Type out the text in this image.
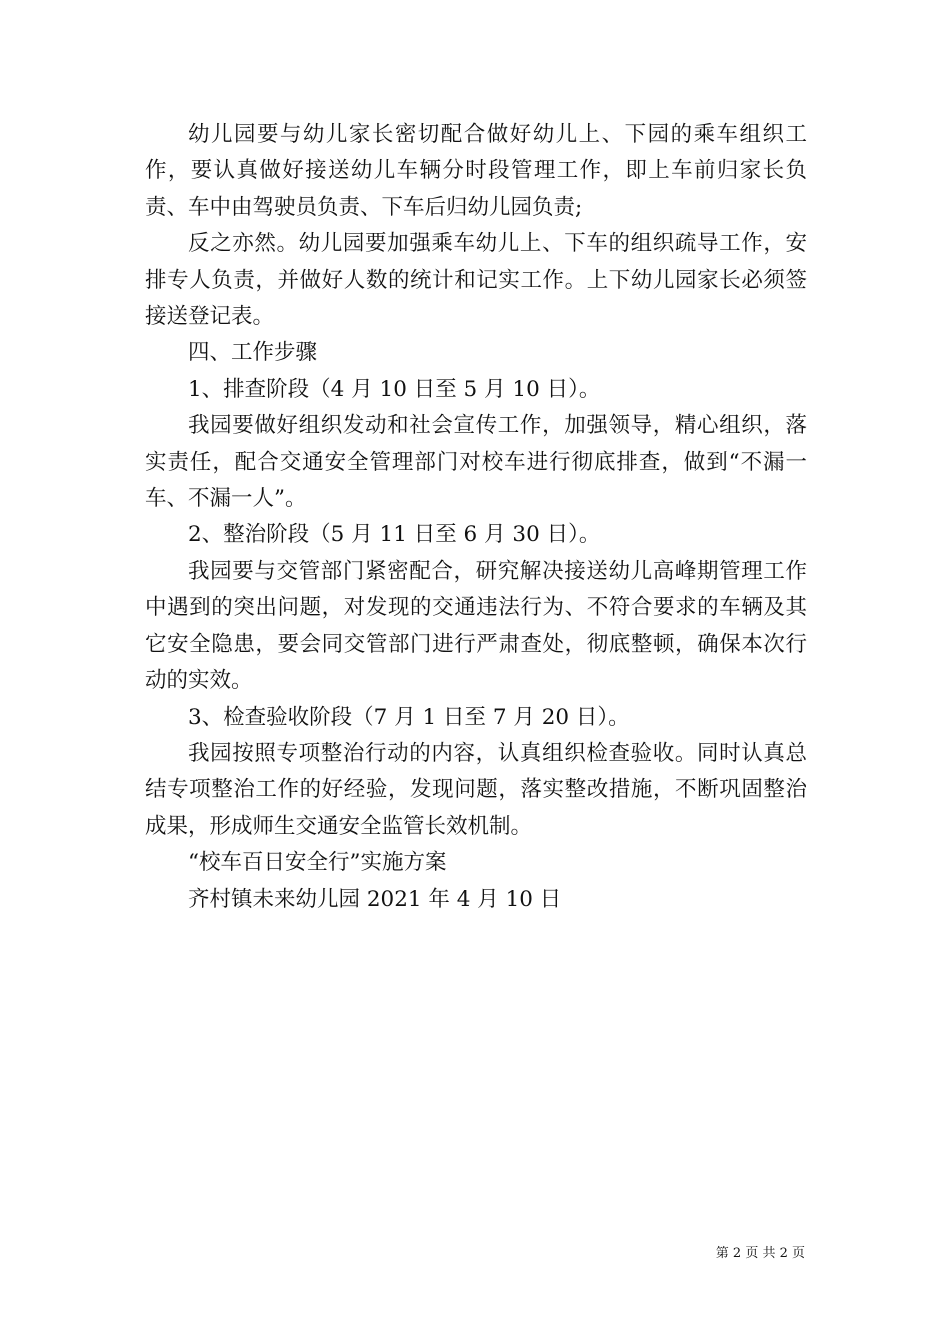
幼儿园要与幼儿家长密切配合做好幼儿上、下园的乘车组织工作，要认真做好接送幼儿车辆分时段管理工作，即上车前归家长负责、车中由驾驶员负责、下车后归幼儿园负责;

反之亦然。幼儿园要加强乘车幼儿上、下车的组织疏导工作，安排专人负责，并做好人数的统计和记实工作。上下幼儿园家长必须签接送登记表。

四、工作步骤

1、排查阶段（4 月 10 日至 5 月 10 日）。

我园要做好组织发动和社会宣传工作，加强领导，精心组织，落实责任，配合交通安全管理部门对校车进行彻底排查，做到“不漏一车、不漏一人”。

2、整治阶段（5 月 11 日至 6 月 30 日）。

我园要与交管部门紧密配合，研究解决接送幼儿高峰期管理工作中遇到的突出问题，对发现的交通违法行为、不符合要求的车辆及其它安全隐患，要会同交管部门进行严肃查处，彻底整顿，确保本次行动的实效。

3、检查验收阶段（7 月 1 日至 7 月 20 日）。

我园按照专项整治行动的内容，认真组织检查验收。同时认真总结专项整治工作的好经验，发现问题，落实整改措施，不断巩固整治成果，形成师生交通安全监管长效机制。

“校车百日安全行”实施方案

齐村镇未来幼儿园 2021 年 4 月 10 日

第 2 页 共 2 页
